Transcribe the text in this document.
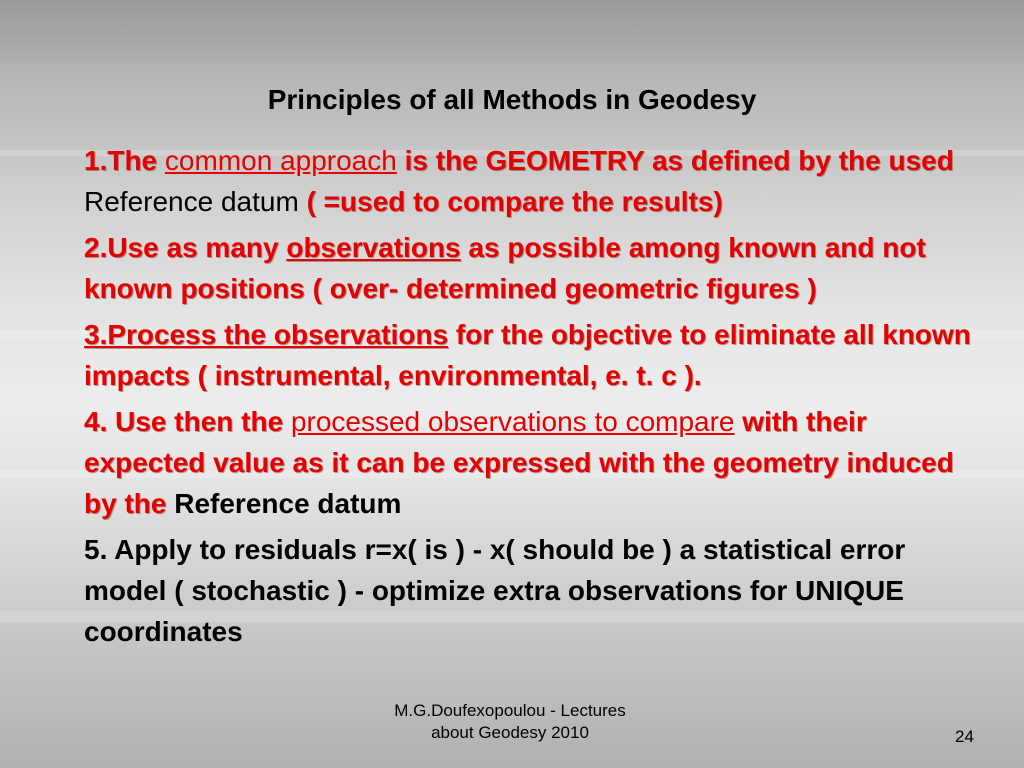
Principles of all Methods in Geodesy
1.The common approach is the GEOMETRY as defined by the used Reference datum ( =used to compare the results)
2.Use as many observations as possible among known and not known positions ( over- determined geometric figures )
3.Process the observations for the objective to eliminate all known impacts ( instrumental, environmental, e. t. c ).
4. Use then the processed observations to compare with their expected value as it can be expressed with the geometry induced by the Reference datum
5. Apply to residuals r=x( is ) - x( should be ) a statistical error model ( stochastic ) - optimize extra observations for UNIQUE coordinates
M.G.Doufexopoulou - Lectures
about Geodesy 2010	24
